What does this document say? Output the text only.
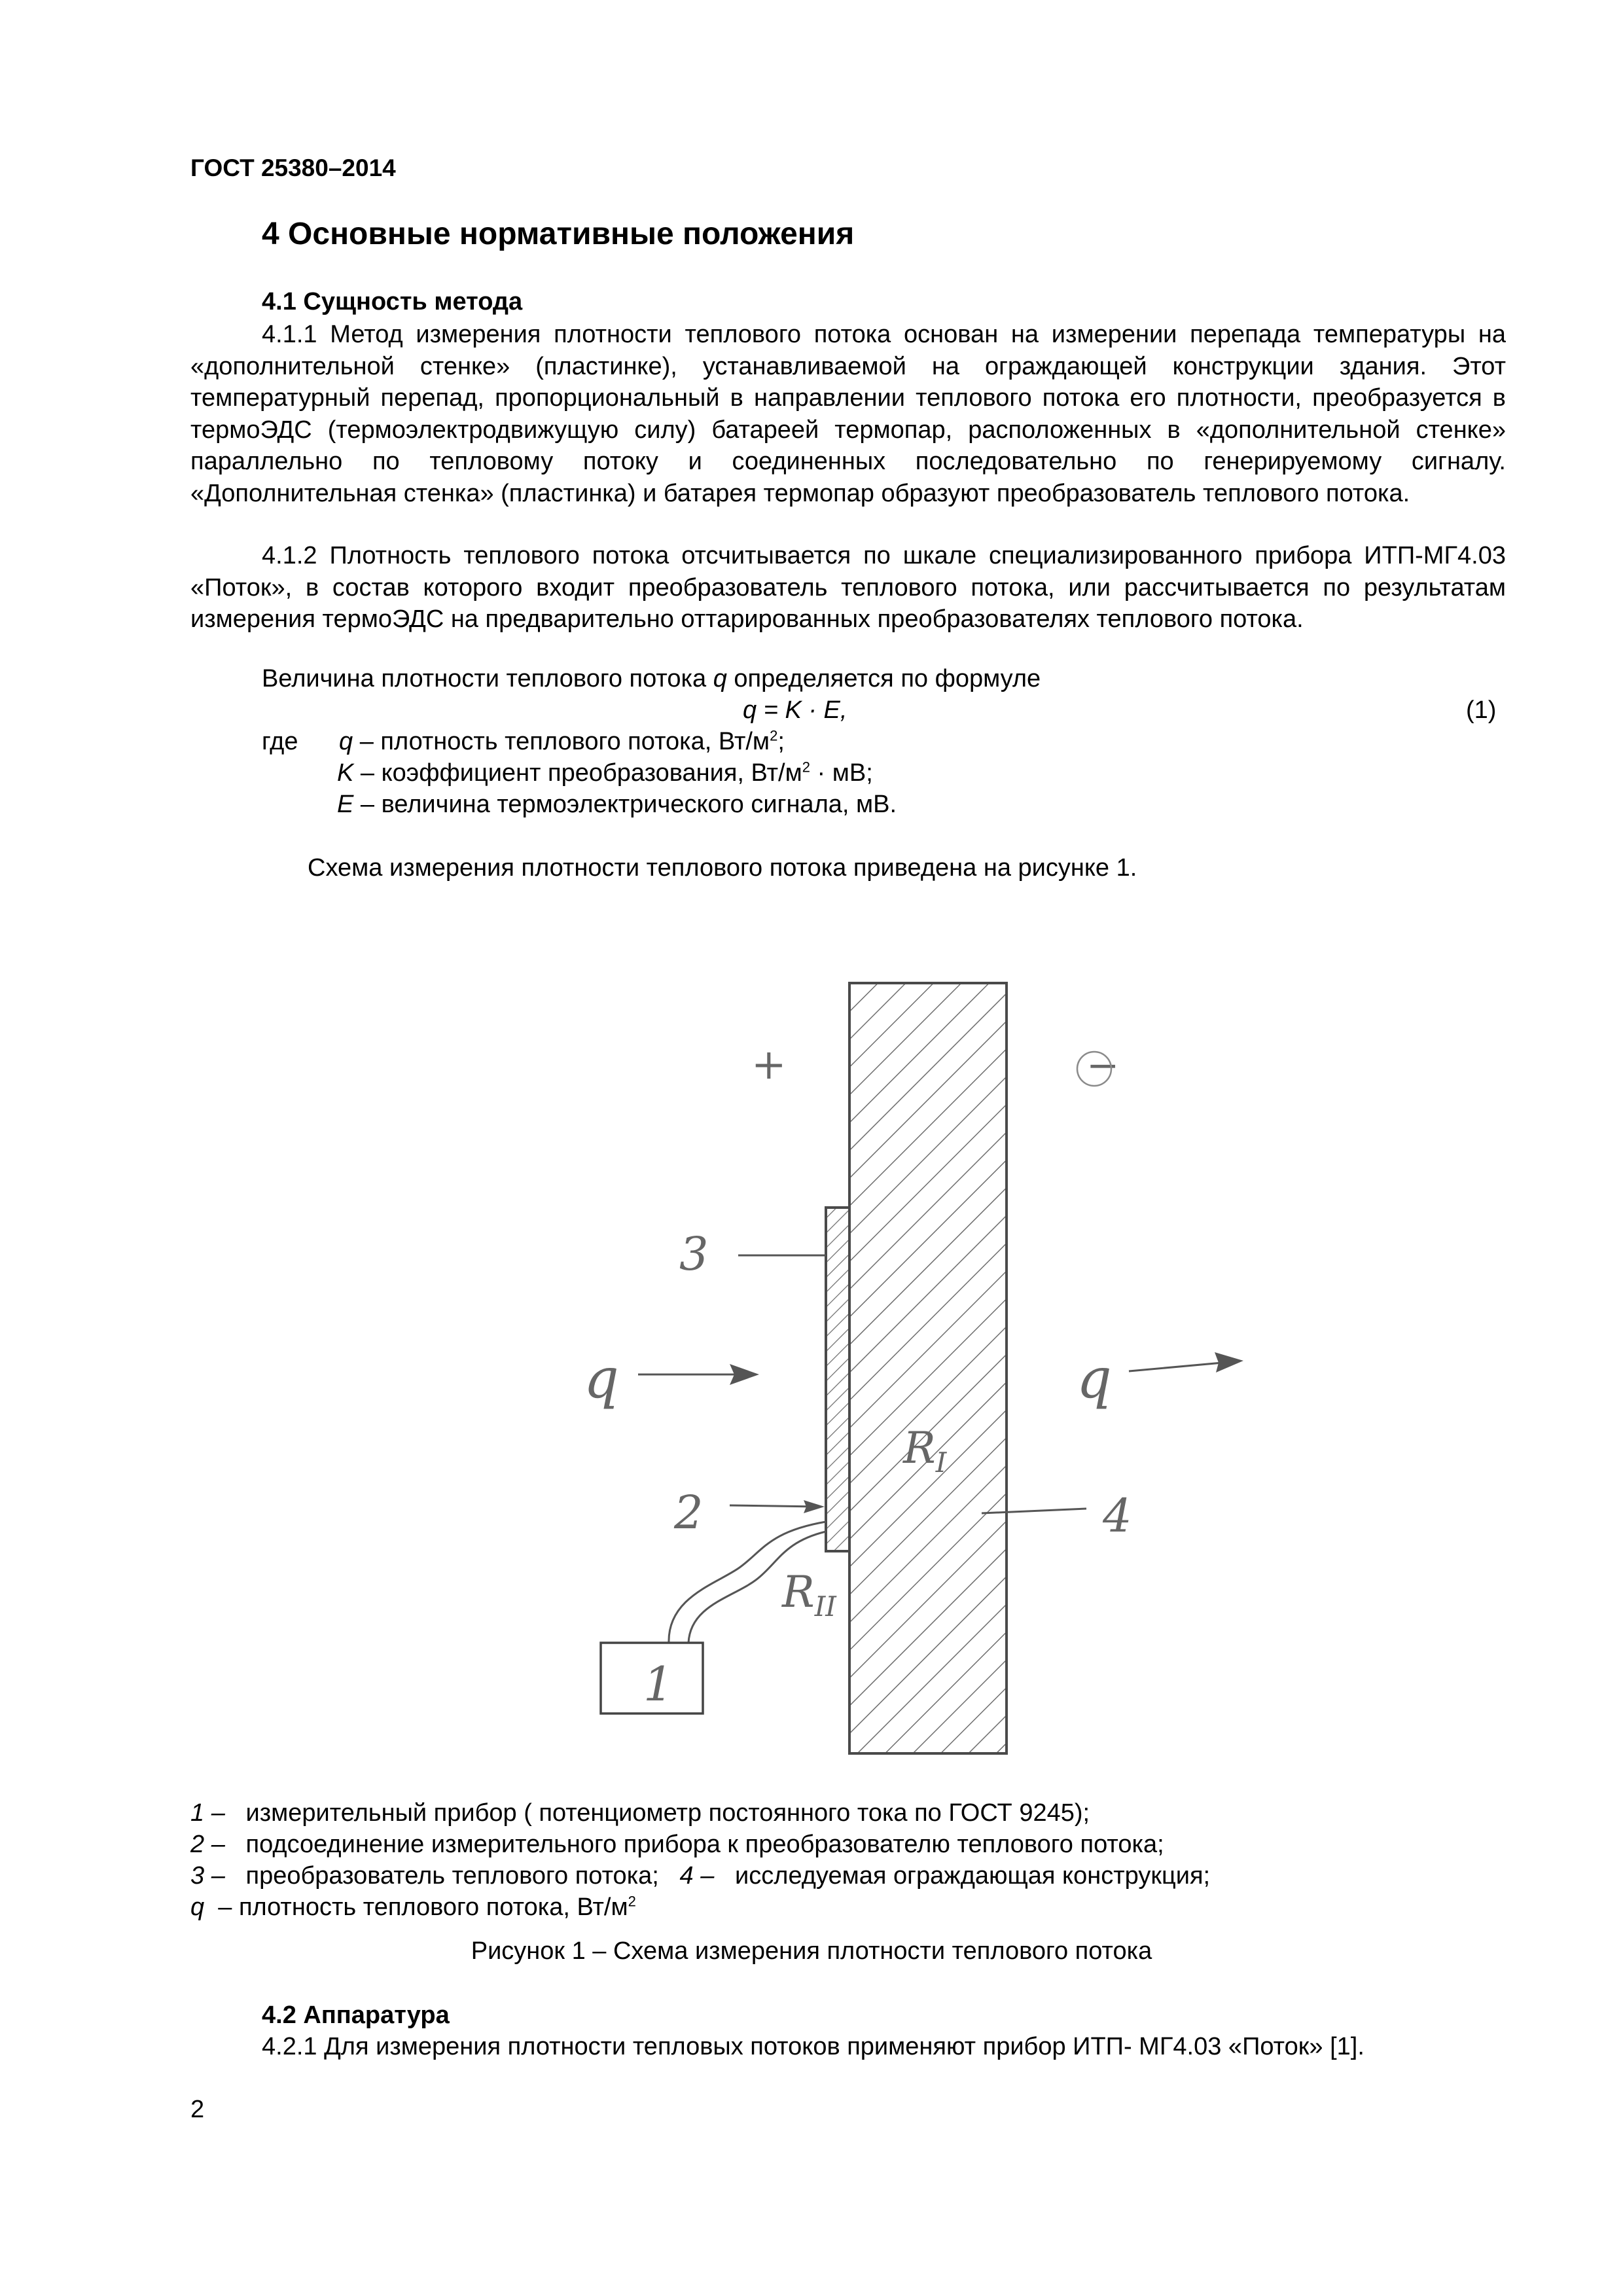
ГОСТ 25380–2014
4 Основные нормативные положения
4.1 Сущность метода
4.1.1 Метод измерения плотности теплового потока основан на измерении перепада температуры на «дополнительной стенке» (пластинке), устанавливаемой на ограждающей конструкции здания. Этот температурный перепад, пропорциональный в направлении теплового потока его плотности, преобразуется в термоЭДС (термоэлектродвижущую силу) батареей термопар, расположенных в «дополнительной стенке» параллельно по тепловому потоку и соединенных последовательно по генерируемому сигналу. «Дополнительная стенка» (пластинка) и батарея термопар образуют преобразователь теплового потока.
4.1.2 Плотность теплового потока отсчитывается по шкале специализированного прибора ИТП-МГ4.03 «Поток», в состав которого входит преобразователь теплового потока, или рассчитывается по результатам измерения термоЭДС на предварительно оттарированных преобразователях теплового потока.
Величина плотности теплового потока q определяется по формуле
q = K · E,	(1)
где q – плотность теплового потока, $Вт/м^2$;
K – коэффициент преобразования, $Вт/м^2$ · мВ;
E – величина термоэлектрического сигнала, мВ.
Схема измерения плотности теплового потока приведена на рисунке 1.
+	−
3
q	q
$R_I$
2	4
$R_{II}$
1
1 – измерительный прибор ( потенциометр постоянного тока по ГОСТ 9245);
2 – подсоединение измерительного прибора к преобразователю теплового потока;
3 – преобразователь теплового потока; 4 – исследуемая ограждающая конструкция;
q – плотность теплового потока, $Вт/м^2$
Рисунок 1 – Схема измерения плотности теплового потока
4.2 Аппаратура
4.2.1 Для измерения плотности тепловых потоков применяют прибор ИТП- МГ4.03 «Поток» [1].
2
